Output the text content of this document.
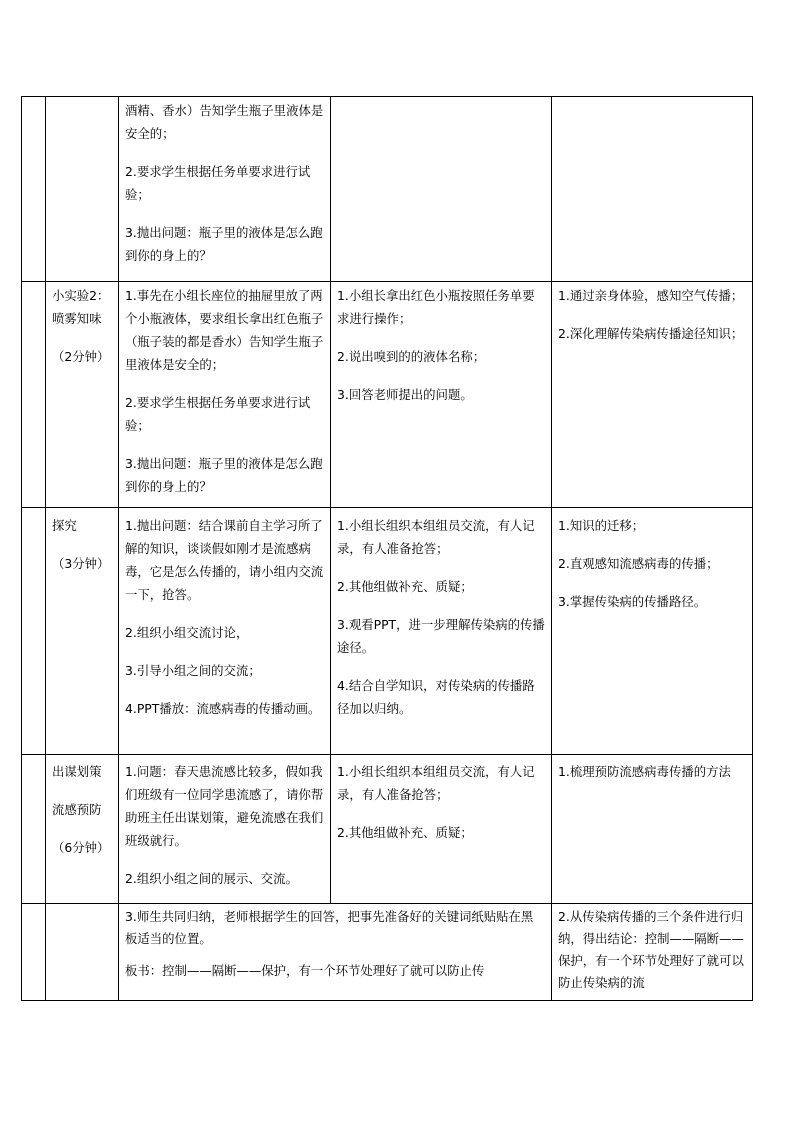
酒精、香水）告知学生瓶子里液体是安全的；

2.要求学生根据任务单要求进行试验；

3.抛出问题：瓶子里的液体是怎么跑到你的身上的？

小实验2：喷雾知味

（2分钟）

1.事先在小组长座位的抽屉里放了两个小瓶液体，要求组长拿出红色瓶子（瓶子装的都是香水）告知学生瓶子里液体是安全的；

2.要求学生根据任务单要求进行试验；

3.抛出问题：瓶子里的液体是怎么跑到你的身上的？

1.小组长拿出红色小瓶按照任务单要求进行操作；

2.说出嗅到的的液体名称；

3.回答老师提出的问题。

1.通过亲身体验，感知空气传播；

2.深化理解传染病传播途径知识；

探究

（3分钟）

1.抛出问题：结合课前自主学习所了解的知识，谈谈假如刚才是流感病毒，它是怎么传播的，请小组内交流一下，抢答。

2.组织小组交流讨论，

3.引导小组之间的交流；

4.PPT播放：流感病毒的传播动画。

1.小组长组织本组组员交流，有人记录，有人准备抢答；

2.其他组做补充、质疑；

3.观看PPT，进一步理解传染病的传播途径。

4.结合自学知识，对传染病的传播路径加以归纳。

1.知识的迁移；

2.直观感知流感病毒的传播；

3.掌握传染病的传播路径。

出谋划策

流感预防

（6分钟）

1.问题：春天患流感比较多，假如我们班级有一位同学患流感了，请你帮助班主任出谋划策，避免流感在我们班级就行。

2.组织小组之间的展示、交流。

1.小组长组织本组组员交流，有人记录，有人准备抢答；

2.其他组做补充、质疑；

1.梳理预防流感病毒传播的方法

3.师生共同归纳，老师根据学生的回答，把事先准备好的关键词纸贴贴在黑板适当的位置。

板书：控制——隔断——保护，有一个环节处理好了就可以防止传

2.从传染病传播的三个条件进行归纳，得出结论：控制——隔断——保护，有一个环节处理好了就可以防止传染病的流
